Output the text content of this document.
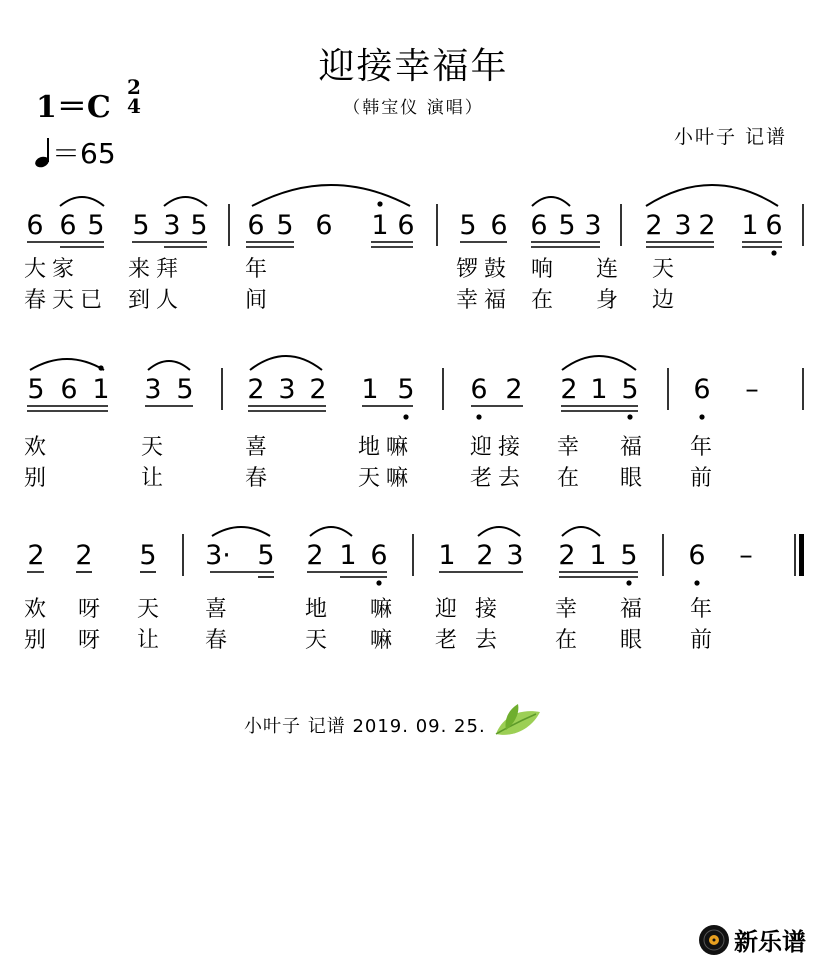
迎接幸福年
（韩宝仪 演唱）
1＝C
2
4
＝65	小叶子 记谱
6 6 5 5 3 5 6 5 6 1 6 5 6 6 5 3 2 3 2 1 6
5 6 1 3 5 2 3 2 1 5 6 2 2 1 5 6 –
2 2 5 3· 5 2 1 6 1 2 3 2 1 5 6 –
大家 来拜	年	锣鼓 响 连 天
春天已 到人	间	幸福 在 身 边
欢	天	喜	地嘛	迎接 幸 福 年
别	让	春	天嘛	老去 在 眼 前
欢 呀 天 喜	地 嘛 迎 接 幸 福 年
别 呀 让 春	天 嘛 老 去 在 眼 前
小叶子 记谱 2019. 09. 25.
新乐谱
